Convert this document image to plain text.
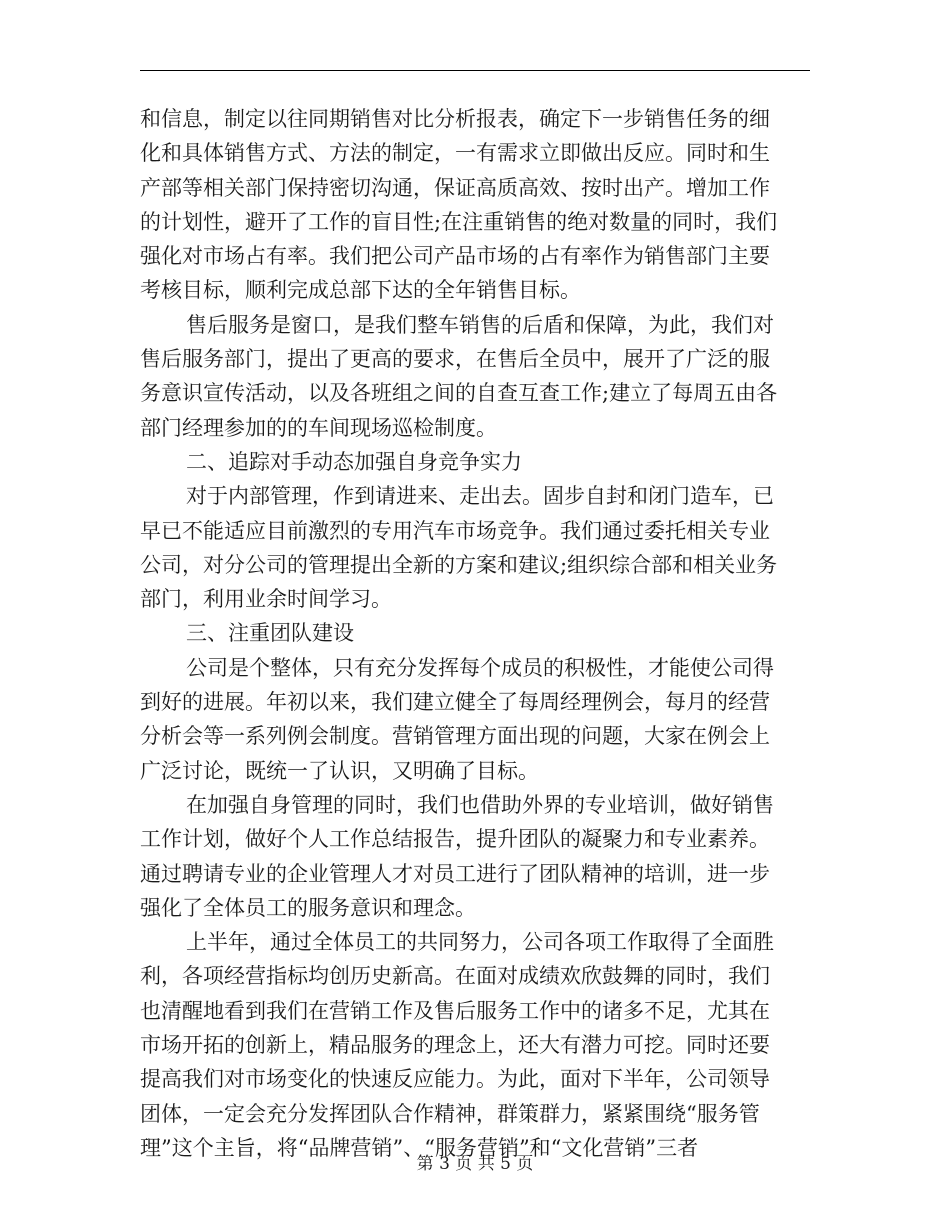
和信息，制定以往同期销售对比分析报表，确定下一步销售任务的细
化和具体销售方式、方法的制定，一有需求立即做出反应。同时和生
产部等相关部门保持密切沟通，保证高质高效、按时出产。增加工作
的计划性，避开了工作的盲目性;在注重销售的绝对数量的同时，我们
强化对市场占有率。我们把公司产品市场的占有率作为销售部门主要
考核目标，顺利完成总部下达的全年销售目标。
售后服务是窗口，是我们整车销售的后盾和保障，为此，我们对
售后服务部门，提出了更高的要求，在售后全员中，展开了广泛的服
务意识宣传活动，以及各班组之间的自查互查工作;建立了每周五由各
部门经理参加的的车间现场巡检制度。
二、追踪对手动态加强自身竞争实力
对于内部管理，作到请进来、走出去。固步自封和闭门造车，已
早已不能适应目前激烈的专用汽车市场竞争。我们通过委托相关专业
公司，对分公司的管理提出全新的方案和建议;组织综合部和相关业务
部门，利用业余时间学习。
三、注重团队建设
公司是个整体，只有充分发挥每个成员的积极性，才能使公司得
到好的进展。年初以来，我们建立健全了每周经理例会，每月的经营
分析会等一系列例会制度。营销管理方面出现的问题，大家在例会上
广泛讨论，既统一了认识，又明确了目标。
在加强自身管理的同时，我们也借助外界的专业培训，做好销售
工作计划，做好个人工作总结报告，提升团队的凝聚力和专业素养。
通过聘请专业的企业管理人才对员工进行了团队精神的培训，进一步
强化了全体员工的服务意识和理念。
上半年，通过全体员工的共同努力，公司各项工作取得了全面胜
利，各项经营指标均创历史新高。在面对成绩欢欣鼓舞的同时，我们
也清醒地看到我们在营销工作及售后服务工作中的诸多不足，尤其在
市场开拓的创新上，精品服务的理念上，还大有潜力可挖。同时还要
提高我们对市场变化的快速反应能力。为此，面对下半年，公司领导
团体，一定会充分发挥团队合作精神，群策群力，紧紧围绕“服务管
理”这个主旨，将“品牌营销”、“服务营销”和“文化营销”三者
第 3 页 共 5 页
